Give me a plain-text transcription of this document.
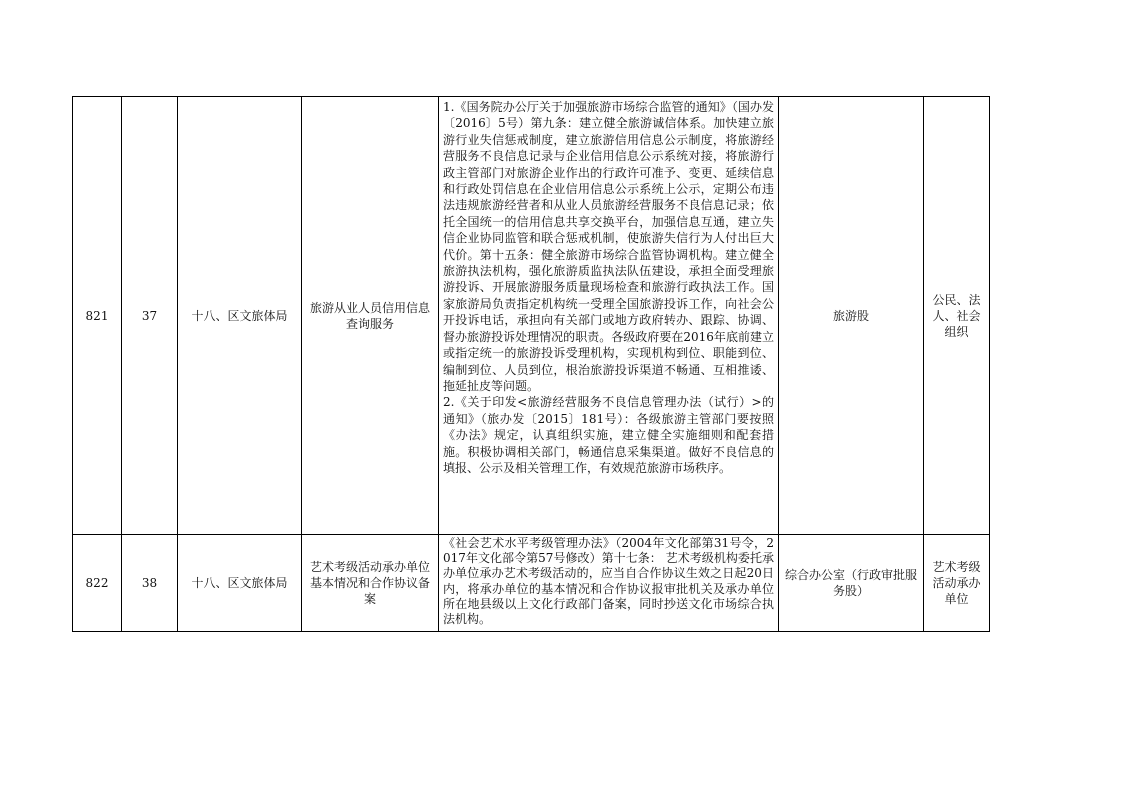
821	37	十八、区文旅体局	旅游从业人员信用信息查询服务	1.《国务院办公厅关于加强旅游市场综合监管的通知》（国办发〔2016〕5号）第九条：建立健全旅游诚信体系。加快建立旅游行业失信惩戒制度，建立旅游信用信息公示制度，将旅游经营服务不良信息记录与企业信用信息公示系统对接，将旅游行政主管部门对旅游企业作出的行政许可准予、变更、延续信息和行政处罚信息在企业信用信息公示系统上公示，定期公布违法违规旅游经营者和从业人员旅游经营服务不良信息记录；依托全国统一的信用信息共享交换平台，加强信息互通，建立失信企业协同监管和联合惩戒机制，使旅游失信行为人付出巨大代价。第十五条：健全旅游市场综合监管协调机构。建立健全旅游执法机构，强化旅游质监执法队伍建设，承担全面受理旅游投诉、开展旅游服务质量现场检查和旅游行政执法工作。国家旅游局负责指定机构统一受理全国旅游投诉工作，向社会公开投诉电话，承担向有关部门或地方政府转办、跟踪、协调、督办旅游投诉处理情况的职责。各级政府要在2016年底前建立或指定统一的旅游投诉受理机构，实现机构到位、职能到位、编制到位、人员到位，根治旅游投诉渠道不畅通、互相推诿、拖延扯皮等问题。
2.《关于印发<旅游经营服务不良信息管理办法（试行）>的通知》（旅办发〔2015〕181号）：各级旅游主管部门要按照《办法》规定，认真组织实施，建立健全实施细则和配套措施。积极协调相关部门，畅通信息采集渠道。做好不良信息的填报、公示及相关管理工作，有效规范旅游市场秩序。	旅游股	公民、法人、社会组织

822	38	十八、区文旅体局	艺术考级活动承办单位基本情况和合作协议备案	《社会艺术水平考级管理办法》（2004年文化部第31号令，2017年文化部令第57号修改）第十七条： 艺术考级机构委托承办单位承办艺术考级活动的，应当自合作协议生效之日起20日内，将承办单位的基本情况和合作协议报审批机关及承办单位所在地县级以上文化行政部门备案，同时抄送文化市场综合执法机构。	综合办公室（行政审批服务股）	艺术考级活动承办单位
